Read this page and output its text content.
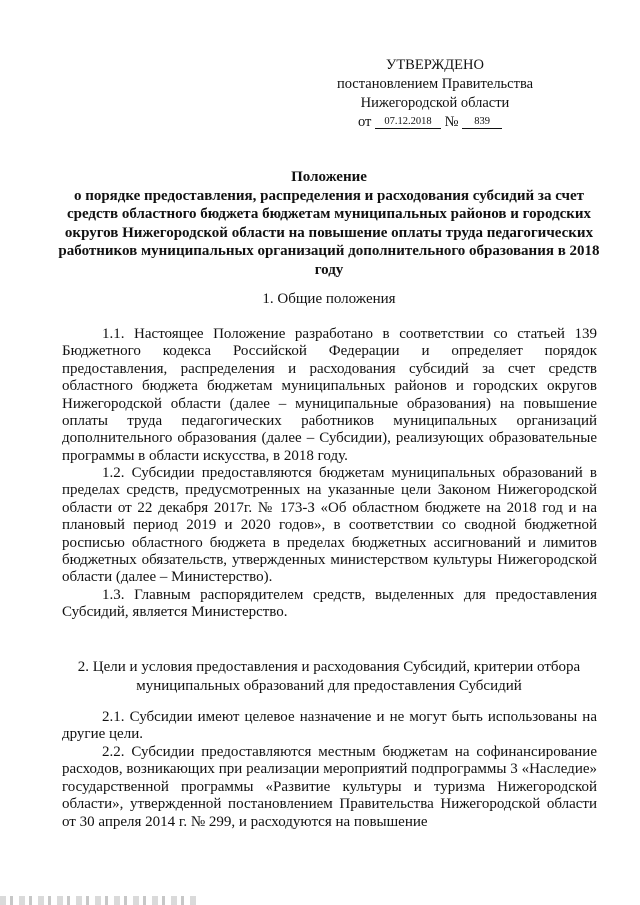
УТВЕРЖДЕНО
постановлением Правительства
Нижегородской области
от 07.12.2018 № 839
Положение
о порядке предоставления, распределения и расходования субсидий за счет средств областного бюджета бюджетам муниципальных районов и городских округов Нижегородской области на повышение оплаты труда педагогических работников муниципальных организаций дополнительного образования в 2018 году
1. Общие положения
1.1. Настоящее Положение разработано в соответствии со статьей 139 Бюджетного кодекса Российской Федерации и определяет порядок предоставления, распределения и расходования субсидий за счет средств областного бюджета бюджетам муниципальных районов и городских округов Нижегородской области (далее – муниципальные образования) на повышение оплаты труда педагогических работников муниципальных организаций дополнительного образования (далее – Субсидии), реализующих образовательные программы в области искусства, в 2018 году.
1.2. Субсидии предоставляются бюджетам муниципальных образований в пределах средств, предусмотренных на указанные цели Законом Нижегородской области от 22 декабря 2017г. № 173-З «Об областном бюджете на 2018 год и на плановый период 2019 и 2020 годов», в соответствии со сводной бюджетной росписью областного бюджета в пределах бюджетных ассигнований и лимитов бюджетных обязательств, утвержденных министерством культуры Нижегородской области (далее – Министерство).
1.3. Главным распорядителем средств, выделенных для предоставления Субсидий, является Министерство.
2. Цели и условия предоставления и расходования Субсидий, критерии отбора
муниципальных образований для предоставления Субсидий
2.1. Субсидии имеют целевое назначение и не могут быть использованы на другие цели.
2.2. Субсидии предоставляются местным бюджетам на софинансирование расходов, возникающих при реализации мероприятий подпрограммы 3 «Наследие» государственной программы «Развитие культуры и туризма Нижегородской области», утвержденной постановлением Правительства Нижегородской области от 30 апреля 2014 г. № 299, и расходуются на повышение
